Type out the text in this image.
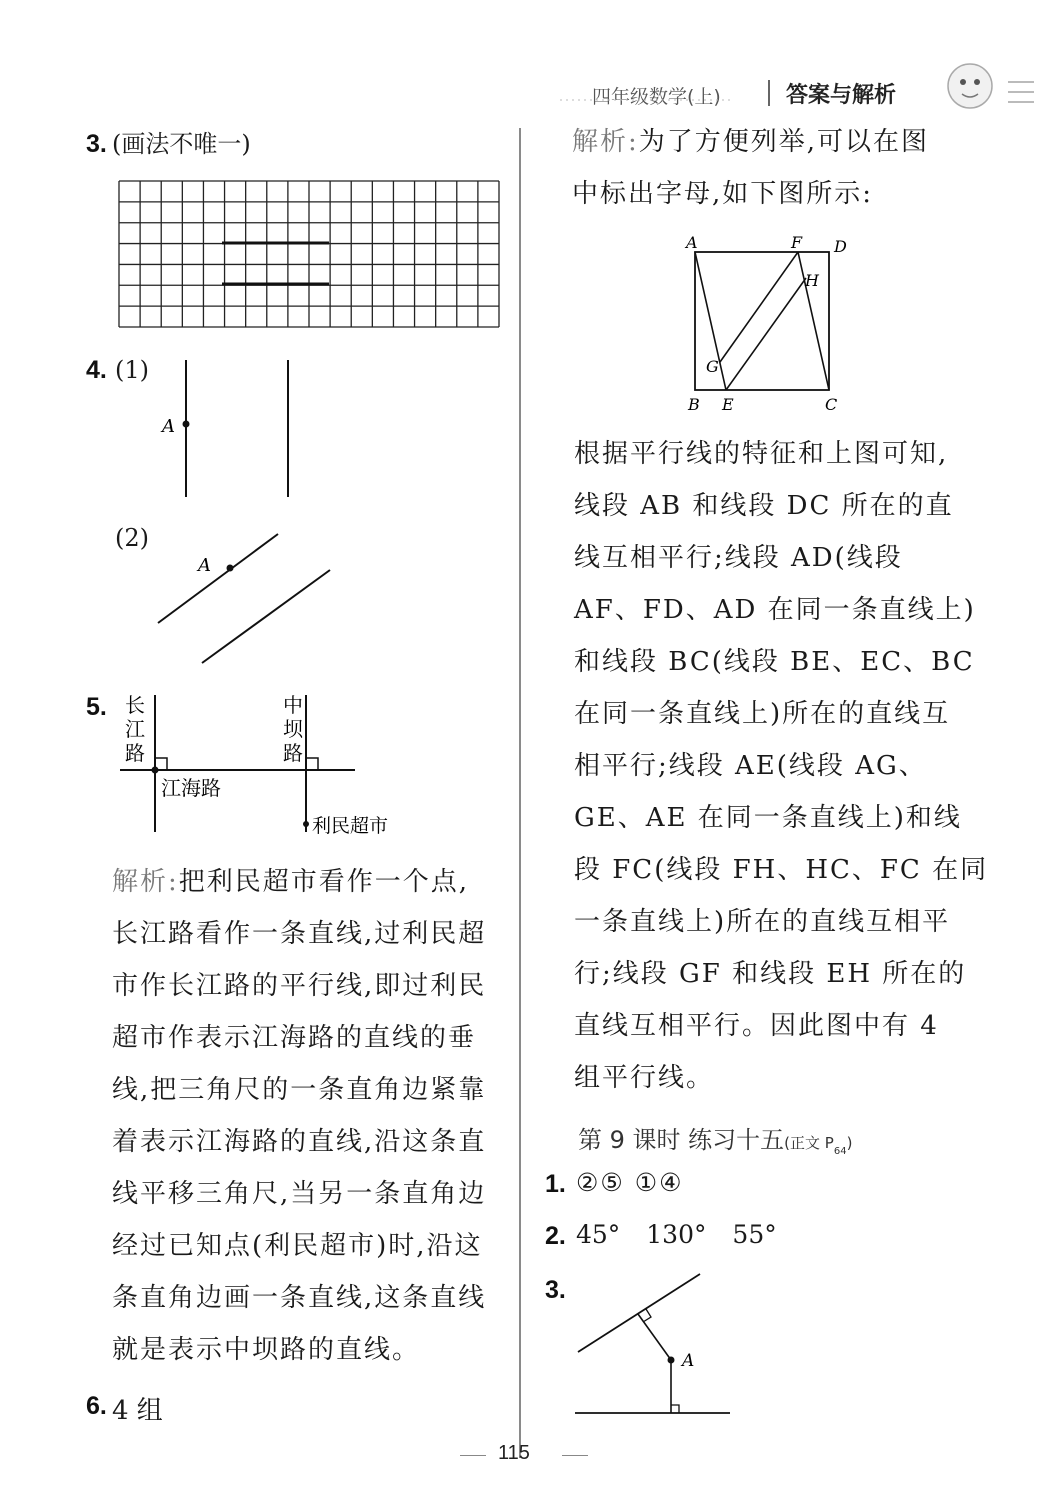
四年级数学(上)	答案与解析
3. (画法不唯一)
4. (1)
A
(2)
A
5. 长江路
中坝路
江海路
利民超市
解析:把利民超市看作一个点,
长江路看作一条直线,过利民超
市作长江路的平行线,即过利民
超市作表示江海路的直线的垂
线,把三角尺的一条直角边紧靠
着表示江海路的直线,沿这条直
线平移三角尺,当另一条直角边
经过已知点(利民超市)时,沿这
条直角边画一条直线,这条直线
就是表示中坝路的直线。
6. 4 组
解析:为了方便列举,可以在图
中标出字母,如下图所示:
A	F D
H
G
B E	C
根据平行线的特征和上图可知,
线段 AB 和线段 DC 所在的直
线互相平行;线段 AD(线段
AF、FD、AD 在同一条直线上)
和线段 BC(线段 BE、EC、BC
在同一条直线上)所在的直线互
相平行;线段 AE(线段 AG、
GE、AE 在同一条直线上)和线
段 FC(线段 FH、HC、FC 在同
一条直线上)所在的直线互相平
行;线段 GF 和线段 EH 所在的
直线互相平行。因此图中有 4
组平行线。
第 9 课时 练习十五(正文 $P_{64}$)
1. ②⑤ ①④
2. 45° 130° 55°
3.
A
115
